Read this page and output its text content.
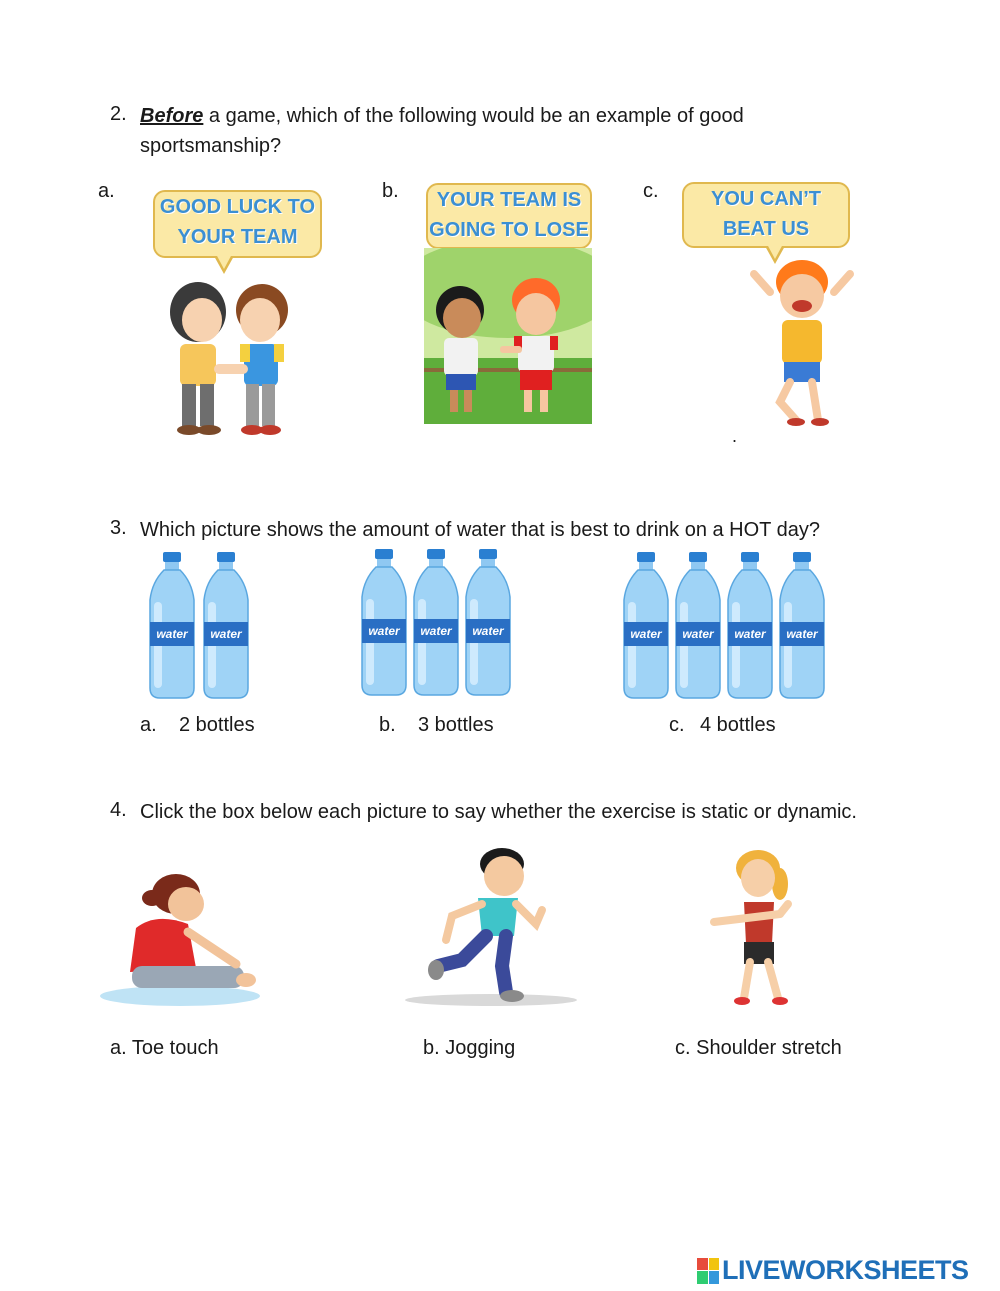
2. Before a game, which of the following would be an example of good
sportsmanship?
a.
GOOD LUCK TO
YOUR TEAM
b.	YOUR TEAM IS
GOING TO LOSE
c.	YOU CAN’T
BEAT US
.
3. Which picture shows the amount of water that is best to drink on a HOT day?
water	water	water	water	water	water	water	water	water
a. 2 bottles	b. 3 bottles	c. 4 bottles
4. Click the box below each picture to say whether the exercise is static or dynamic.
a. Toe touch	b. Jogging	c. Shoulder stretch
LIVEWORKSHEETS
